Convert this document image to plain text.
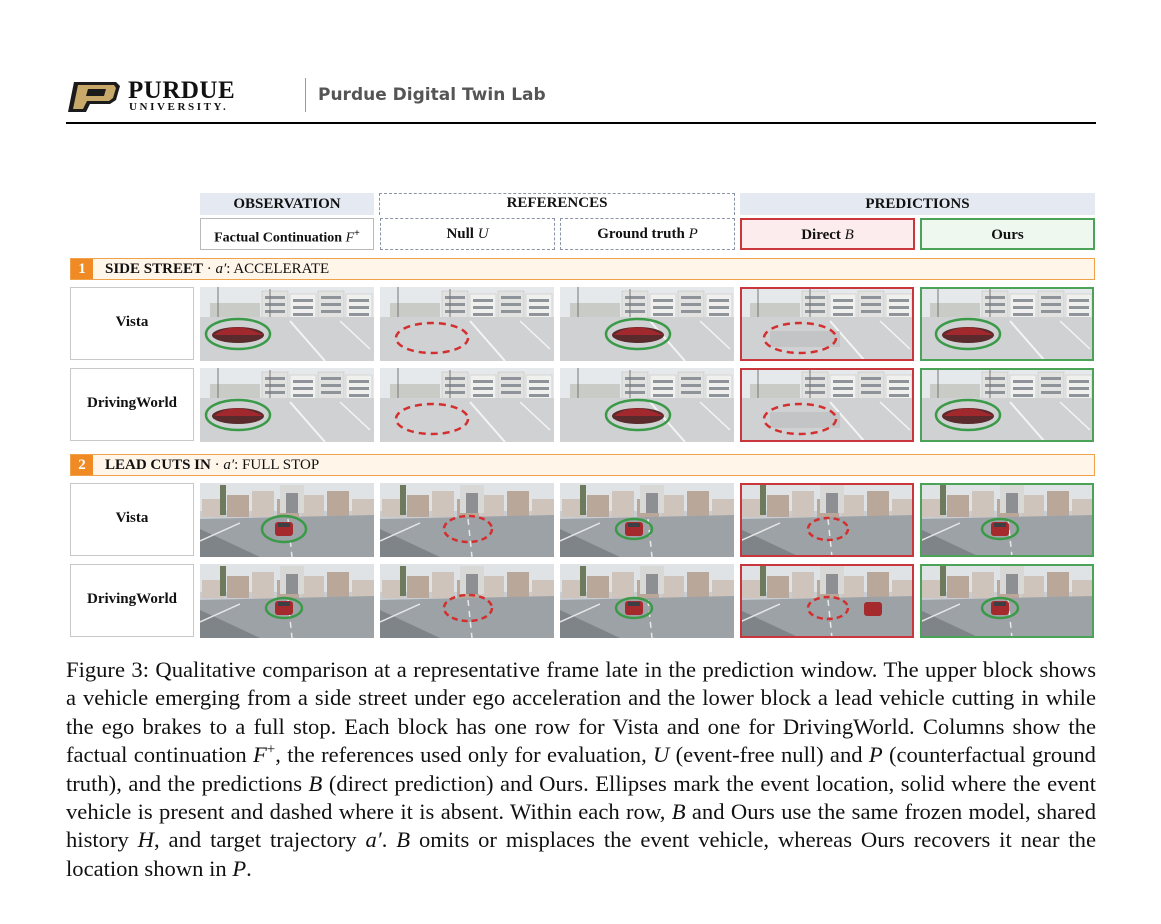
PURDUE
UNIVERSITY.
Purdue Digital Twin Lab
OBSERVATION	REFERENCES	PREDICTIONS
Factual Continuation F+	Null U	Ground truth P	Direct B	Ours
1	SIDE STREET · a′: ACCELERATE
Vista
DrivingWorld
2	LEAD CUTS IN · a′: FULL STOP
Vista
DrivingWorld
Figure 3: Qualitative comparison at a representative frame late in the prediction window. The upper block shows a vehicle emerging from a side street under ego acceleration and the lower block a lead vehicle cutting in while the ego brakes to a full stop. Each block has one row for Vista and one for DrivingWorld. Columns show the factual continuation F+, the references used only for evaluation, U (event-free null) and P (counterfactual ground truth), and the predictions B (direct prediction) and Ours. Ellipses mark the event location, solid where the event vehicle is present and dashed where it is absent. Within each row, B and Ours use the same frozen model, shared history H, and target trajectory a′. B omits or misplaces the event vehicle, whereas Ours recovers it near the location shown in P.
